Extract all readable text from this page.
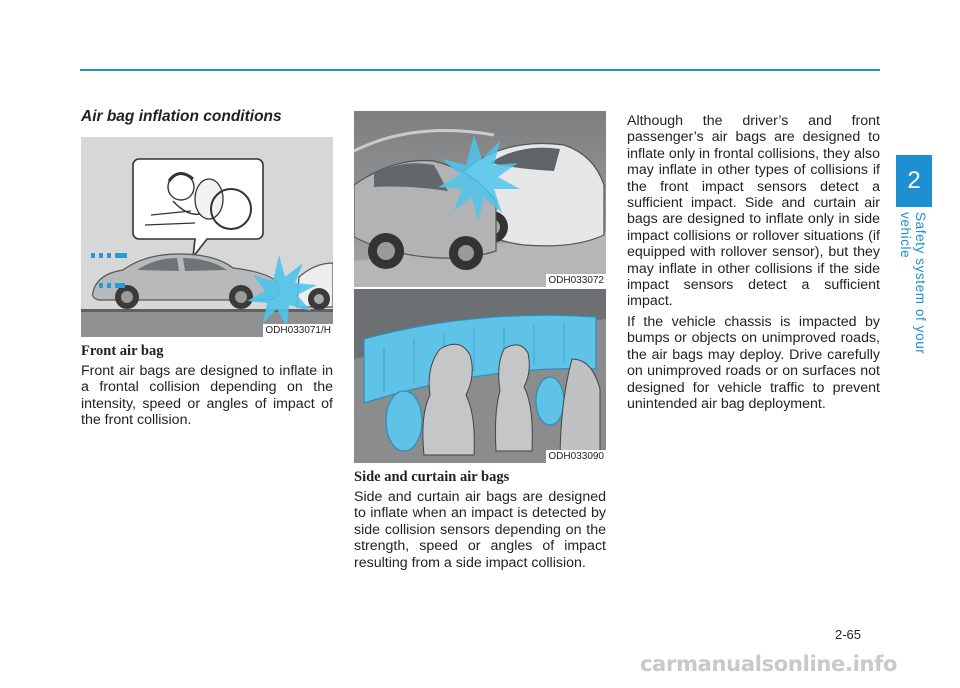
2
Safety system of your vehicle
Air bag inflation conditions
ODH033071/H
Front air bag
Front air bags are designed to inflate in a frontal collision depending on the intensity, speed or angles of impact of the front collision.
ODH033072
ODH033090
Side and curtain air bags
Side and curtain air bags are designed to inflate when an impact is detected by side collision sensors depending on the strength, speed or angles of impact resulting from a side impact collision.

Although the driver’s and front passenger’s air bags are designed to inflate only in frontal collisions, they also may inflate in other types of collisions if the front impact sensors detect a sufficient impact. Side and curtain air bags are designed to inflate only in side impact collisions or rollover situations (if equipped with rollover sensor), but they may inflate in other collisions if the side impact sensors detect a sufficient impact.

If the vehicle chassis is impacted by bumps or objects on unimproved roads, the air bags may deploy. Drive carefully on unimproved roads or on surfaces not designed for vehicle traffic to prevent unintended air bag deployment.

2-65
carmanualsonline.info
